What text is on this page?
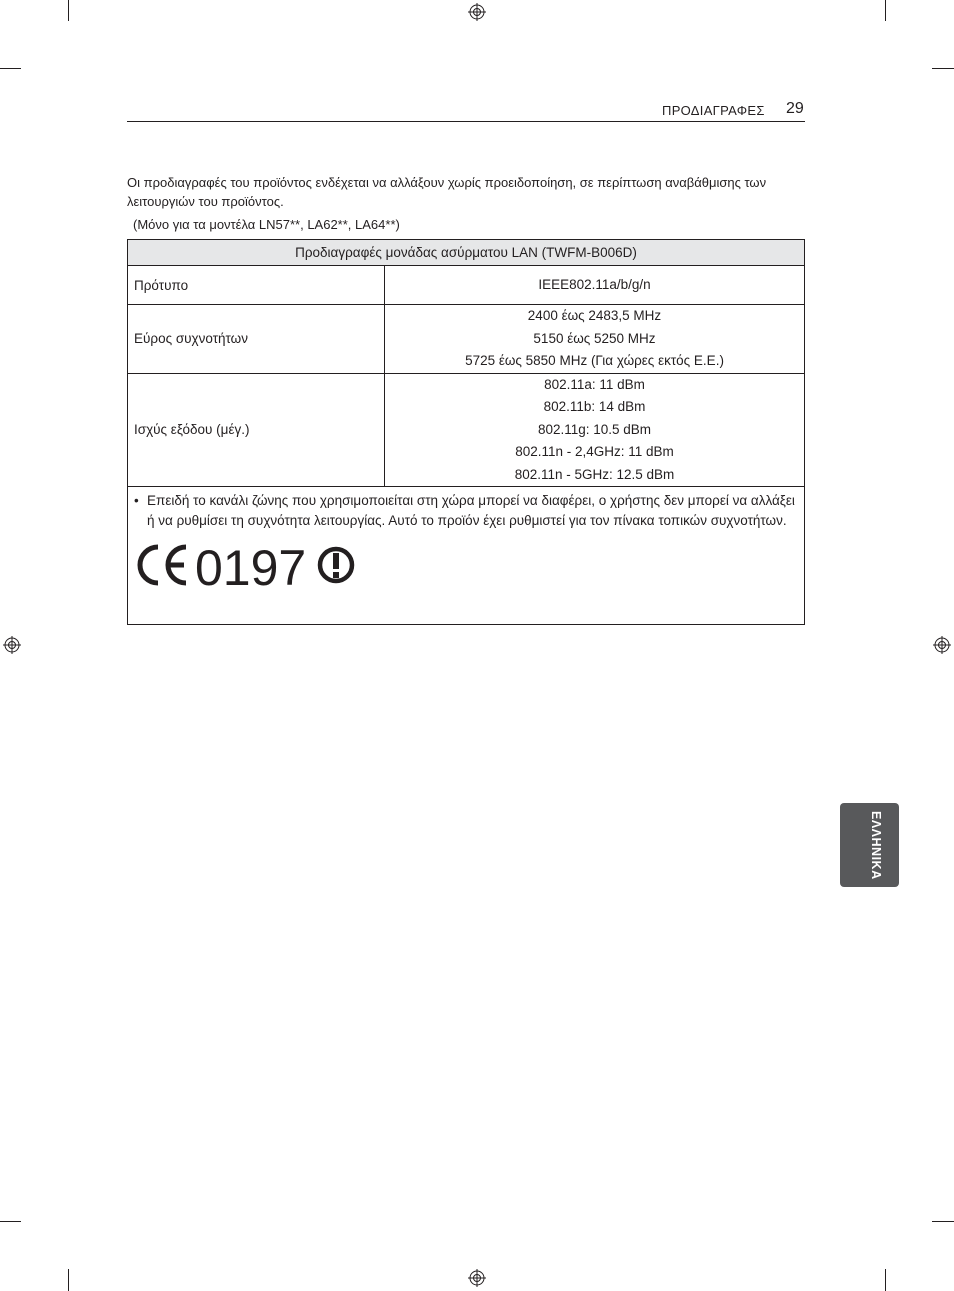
ΠΡΟΔΙΑΓΡΑΦΕΣ 29
Οι προδιαγραφές του προϊόντος ενδέχεται να αλλάξουν χωρίς προειδοποίηση, σε περίπτωση αναβάθμισης των λειτουργιών του προϊόντος.
(Μόνο για τα μοντέλα LN57**, LA62**, LA64**)
Προδιαγραφές μονάδας ασύρματου LAN (TWFM-B006D)	
Πρότυπο	IEEE802.11a/b/g/n

Εύρος συχνοτήτων	2400 έως 2483,5 MHz
5150 έως 5250 MHz
5725 έως 5850 MHz (Για χώρες εκτός Ε.Ε.)

Ισχύς εξόδου (μέγ.)	802.11a: 11 dBm
802.11b: 14 dBm
802.11g: 10.5 dBm
802.11n - 2,4GHz: 11 dBm
802.11n - 5GHz: 12.5 dBm

• Επειδή το κανάλι ζώνης που χρησιμοποιείται στη χώρα μπορεί να διαφέρει, ο χρήστης δεν μπορεί να αλλάξει ή να ρυθμίσει τη συχνότητα λειτουργίας. Αυτό το προϊόν έχει ρυθμιστεί για τον πίνακα τοπικών συχνοτήτων.
0197	
ΕΛΛΗΝΙΚΑ
